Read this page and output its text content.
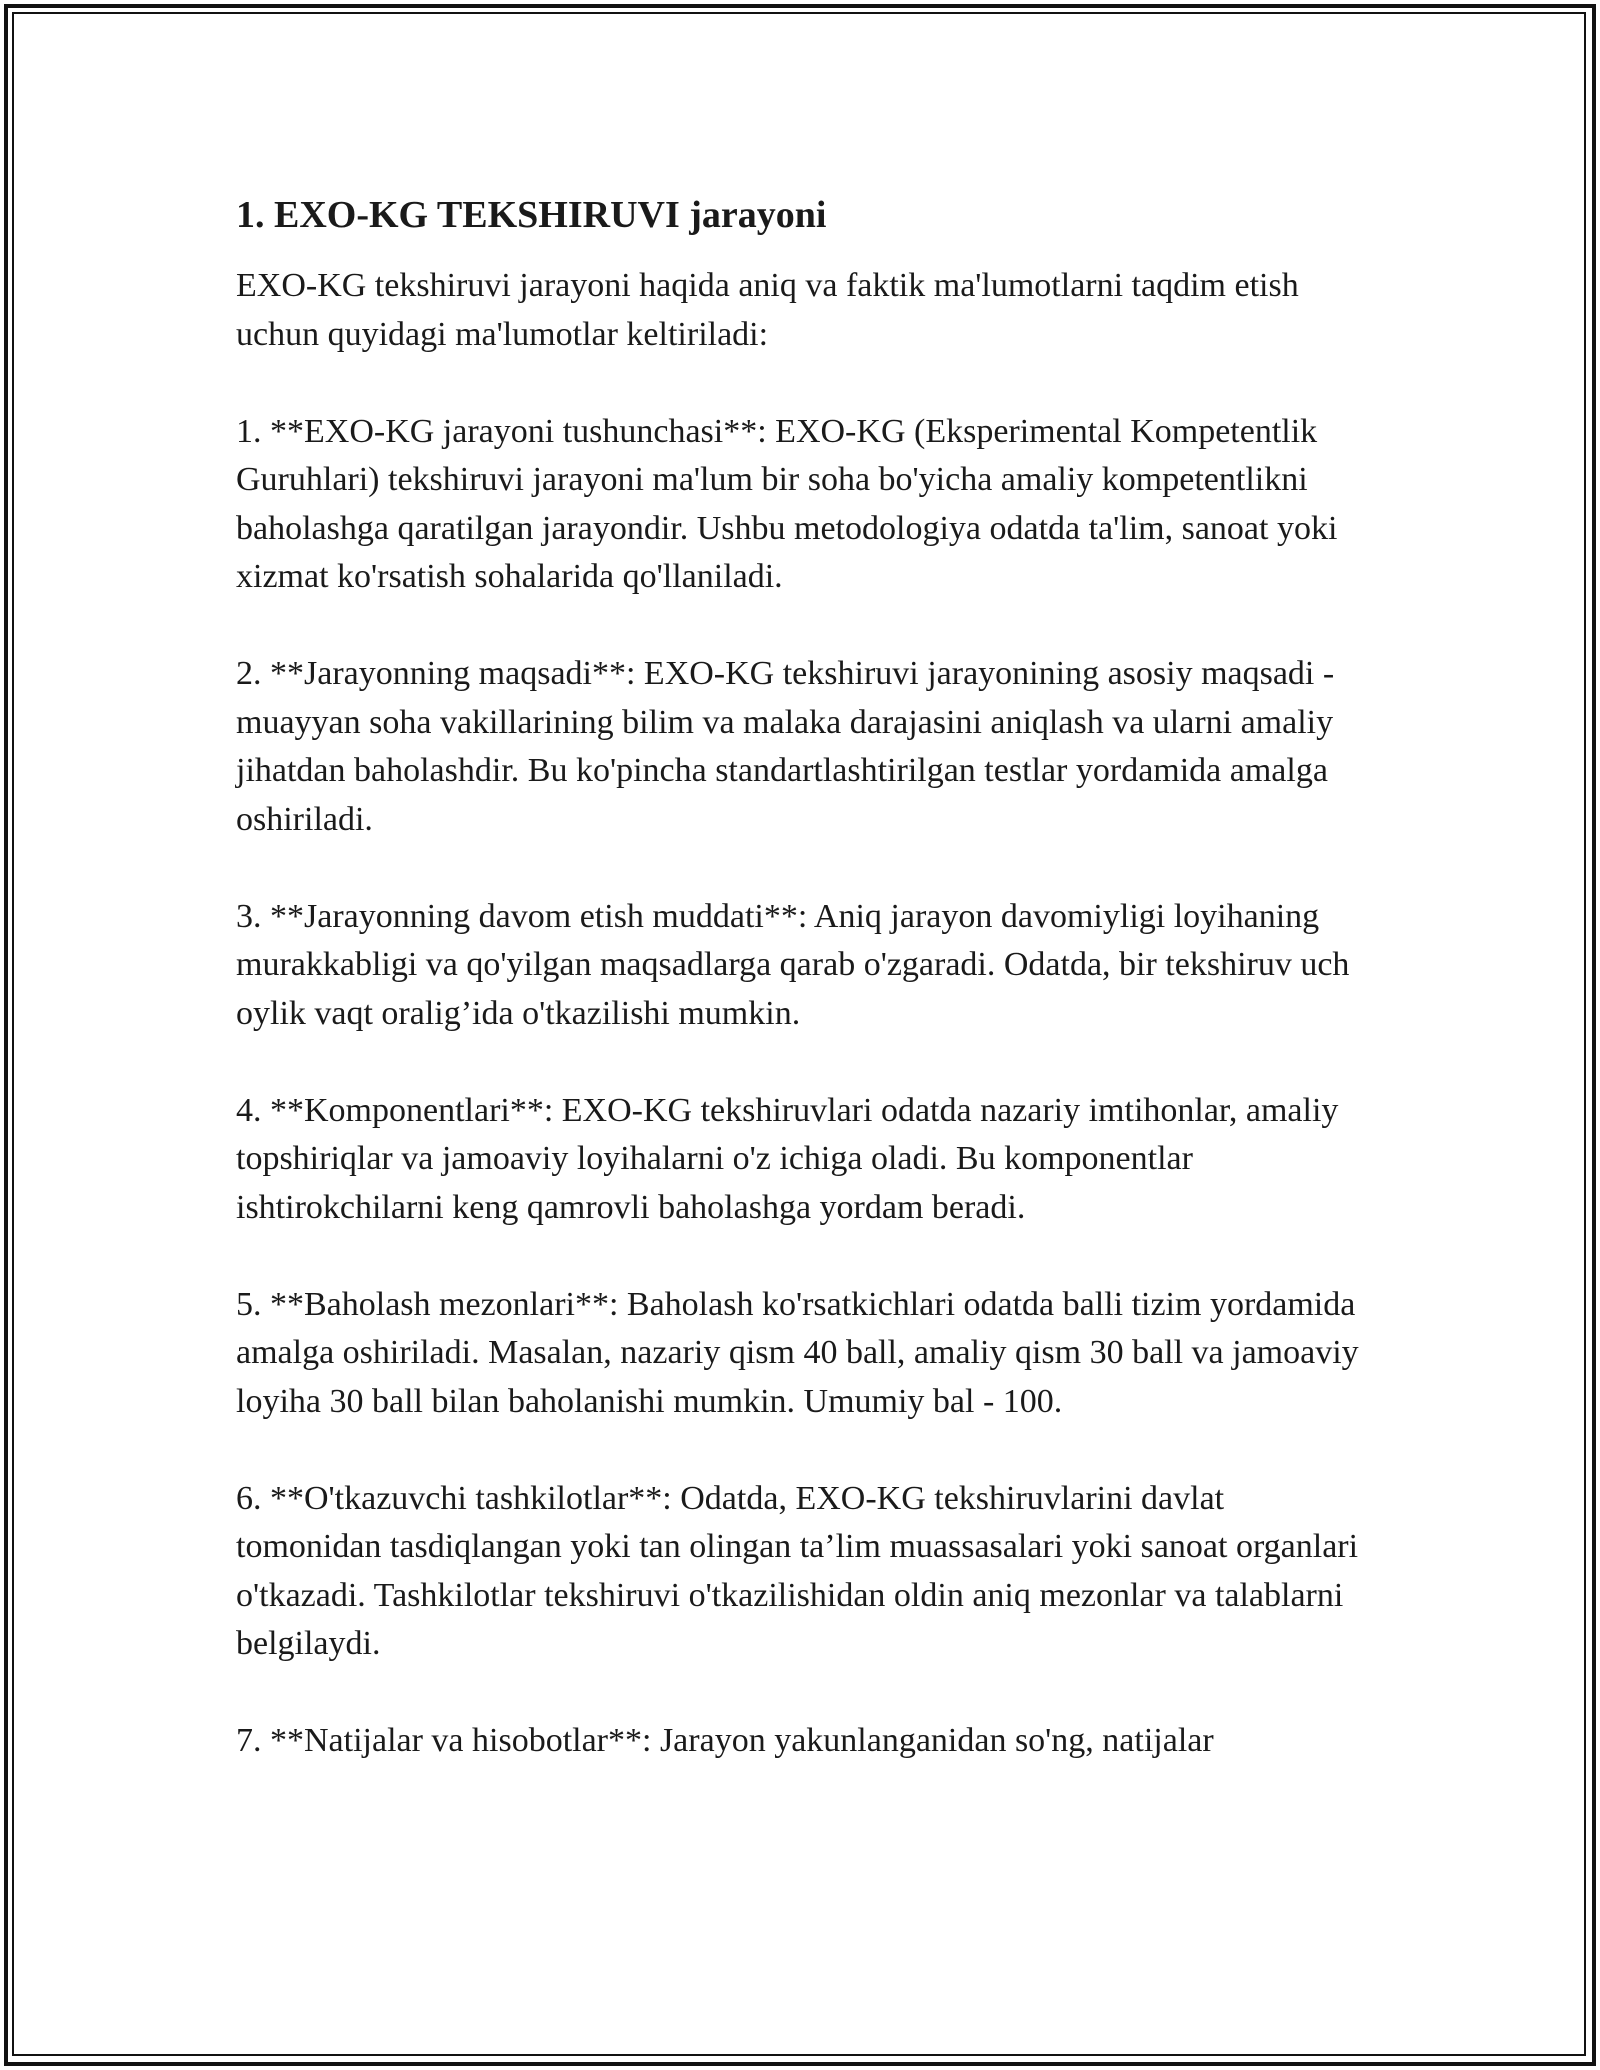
1. EXO-KG TEKSHIRUVI jarayoni

EXO-KG tekshiruvi jarayoni haqida aniq va faktik ma'lumotlarni taqdim etish uchun quyidagi ma'lumotlar keltiriladi:

1. **EXO-KG jarayoni tushunchasi**: EXO-KG (Eksperimental Kompetentlik Guruhlari) tekshiruvi jarayoni ma'lum bir soha bo'yicha amaliy kompetentlikni baholashga qaratilgan jarayondir. Ushbu metodologiya odatda ta'lim, sanoat yoki xizmat ko'rsatish sohalarida qo'llaniladi.

2. **Jarayonning maqsadi**: EXO-KG tekshiruvi jarayonining asosiy maqsadi - muayyan soha vakillarining bilim va malaka darajasini aniqlash va ularni amaliy jihatdan baholashdir. Bu ko'pincha standartlashtirilgan testlar yordamida amalga oshiriladi.

3. **Jarayonning davom etish muddati**: Aniq jarayon davomiyligi loyihaning murakkabligi va qo'yilgan maqsadlarga qarab o'zgaradi. Odatda, bir tekshiruv uch oylik vaqt oralig’ida o'tkazilishi mumkin.

4. **Komponentlari**: EXO-KG tekshiruvlari odatda nazariy imtihonlar, amaliy topshiriqlar va jamoaviy loyihalarni o'z ichiga oladi. Bu komponentlar ishtirokchilarni keng qamrovli baholashga yordam beradi.

5. **Baholash mezonlari**: Baholash ko'rsatkichlari odatda balli tizim yordamida amalga oshiriladi. Masalan, nazariy qism 40 ball, amaliy qism 30 ball va jamoaviy loyiha 30 ball bilan baholanishi mumkin. Umumiy bal - 100.

6. **O'tkazuvchi tashkilotlar**: Odatda, EXO-KG tekshiruvlarini davlat tomonidan tasdiqlangan yoki tan olingan ta’lim muassasalari yoki sanoat organlari o'tkazadi. Tashkilotlar tekshiruvi o'tkazilishidan oldin aniq mezonlar va talablarni belgilaydi.

7. **Natijalar va hisobotlar**: Jarayon yakunlanganidan so'ng, natijalar
